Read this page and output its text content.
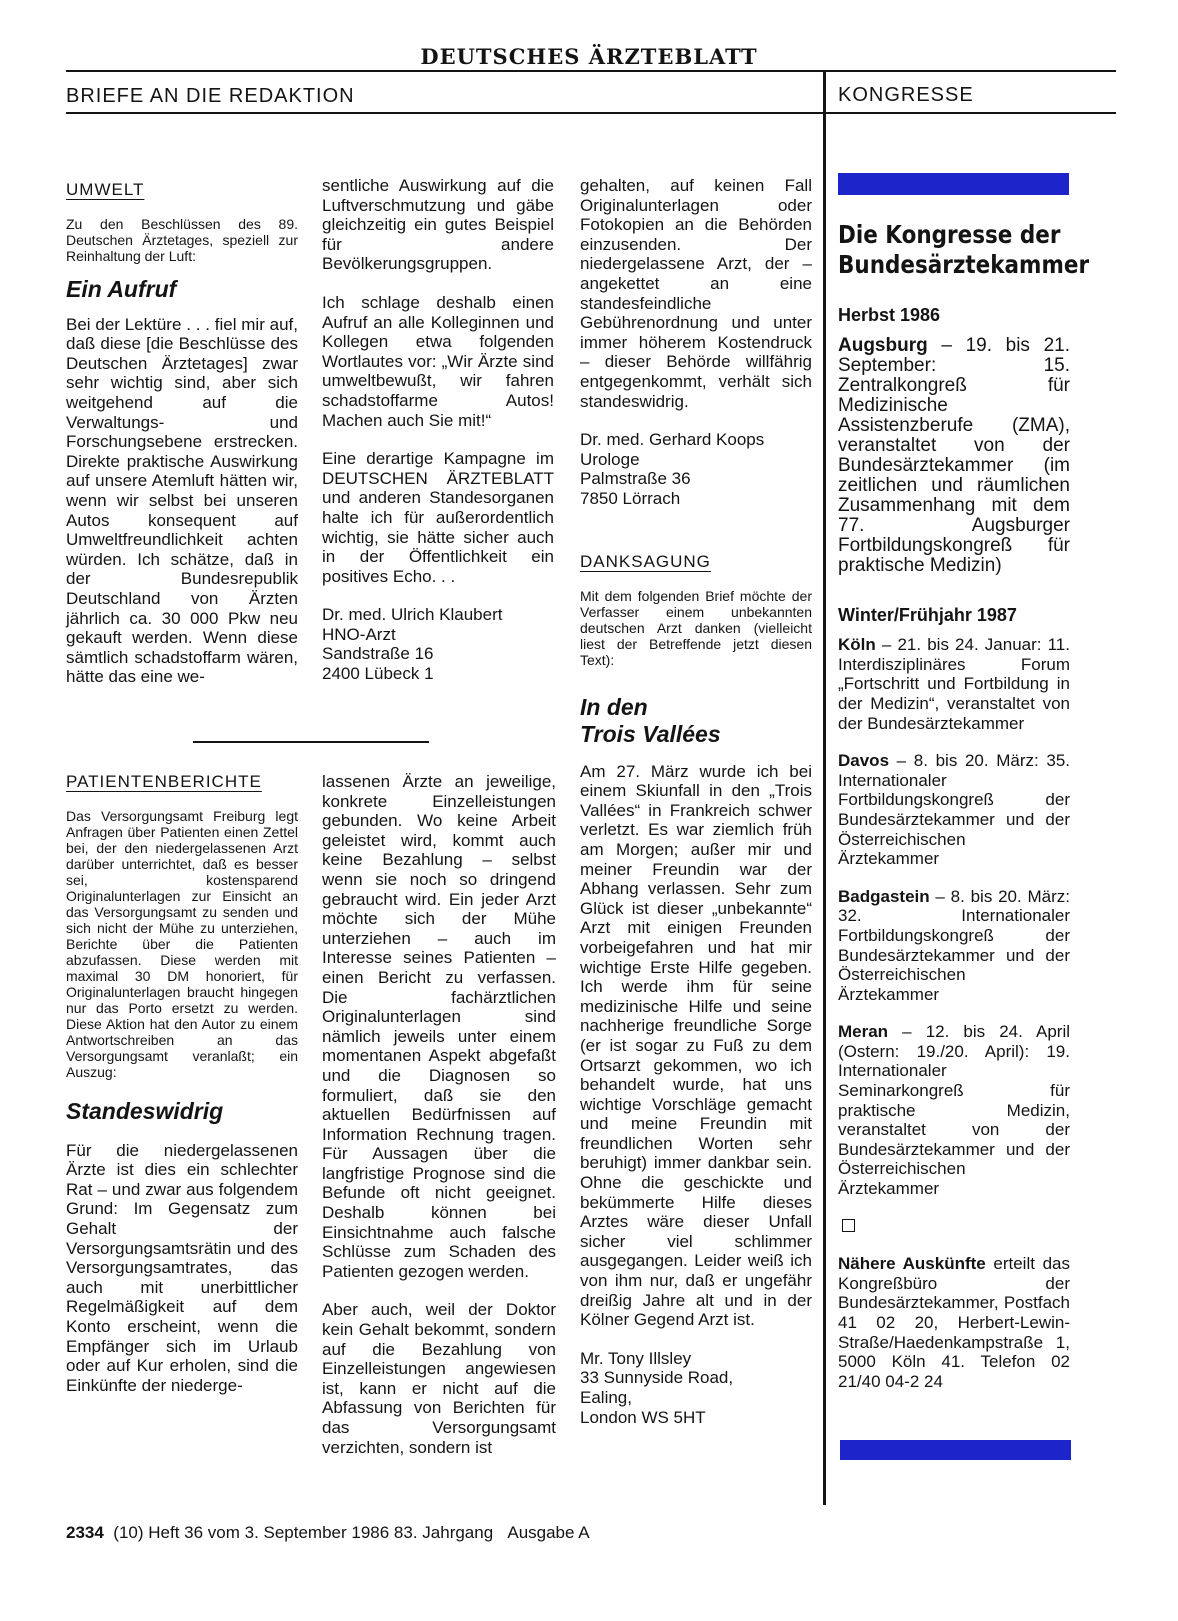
DEUTSCHES ÄRZTEBLATT
BRIEFE AN DIE REDAKTION	KONGRESSE
UMWELT
Zu den Beschlüssen des 89. Deutschen Ärztetages, speziell zur Reinhaltung der Luft:
Ein Aufruf

Bei der Lektüre . . . fiel mir auf, daß diese [die Beschlüsse des Deutschen Ärztetages] zwar sehr wichtig sind, aber sich weitgehend auf die Verwaltungs- und Forschungsebene erstrecken. Direkte praktische Auswirkung auf unsere Atemluft hätten wir, wenn wir selbst bei unseren Autos konsequent auf Umweltfreundlichkeit achten würden. Ich schätze, daß in der Bundesrepublik Deutschland von Ärzten jährlich ca. 30 000 Pkw neu gekauft werden. Wenn diese sämtlich schadstoffarm wären, hätte das eine we-

sentliche Auswirkung auf die Luftverschmutzung und gäbe gleichzeitig ein gutes Beispiel für andere Bevölkerungsgruppen.

Ich schlage deshalb einen Aufruf an alle Kolleginnen und Kollegen etwa folgenden Wortlautes vor: „Wir Ärzte sind umweltbewußt, wir fahren schadstoffarme Autos! Machen auch Sie mit!“

Eine derartige Kampagne im DEUTSCHEN ÄRZTEBLATT und anderen Standesorganen halte ich für außerordentlich wichtig, sie hätte sicher auch in der Öffentlichkeit ein positives Echo. . .

Dr. med. Ulrich Klaubert

HNO-Arzt

Sandstraße 16

2400 Lübeck 1

PATIENTENBERICHTE
Das Versorgungsamt Freiburg legt Anfragen über Patienten einen Zettel bei, der den niedergelassenen Arzt darüber unterrichtet, daß es besser sei, kostensparend Originalunterlagen zur Einsicht an das Versorgungsamt zu senden und sich nicht der Mühe zu unterziehen, Berichte über die Patienten abzufassen. Diese werden mit maximal 30 DM honoriert, für Originalunterlagen braucht hingegen nur das Porto ersetzt zu werden. Diese Aktion hat den Autor zu einem Antwortschreiben an das Versorgungsamt veranlaßt; ein Auszug:
Standeswidrig

Für die niedergelassenen Ärzte ist dies ein schlechter Rat – und zwar aus folgendem Grund: Im Gegensatz zum Gehalt der Versorgungsamtsrätin und des Versorgungsamtrates, das auch mit unerbittlicher Regelmäßigkeit auf dem Konto erscheint, wenn die Empfänger sich im Urlaub oder auf Kur erholen, sind die Einkünfte der niederge-

lassenen Ärzte an jeweilige, konkrete Einzelleistungen gebunden. Wo keine Arbeit geleistet wird, kommt auch keine Bezahlung – selbst wenn sie noch so dringend gebraucht wird. Ein jeder Arzt möchte sich der Mühe unterziehen – auch im Interesse seines Patienten – einen Bericht zu verfassen. Die fachärztlichen Originalunterlagen sind nämlich jeweils unter einem momentanen Aspekt abgefaßt und die Diagnosen so formuliert, daß sie den aktuellen Bedürfnissen auf Information Rechnung tragen. Für Aussagen über die langfristige Prognose sind die Befunde oft nicht geeignet. Deshalb können bei Einsichtnahme auch falsche Schlüsse zum Schaden des Patienten gezogen werden.

Aber auch, weil der Doktor kein Gehalt bekommt, sondern auf die Bezahlung von Einzelleistungen angewiesen ist, kann er nicht auf die Abfassung von Berichten für das Versorgungsamt verzichten, sondern ist

gehalten, auf keinen Fall Originalunterlagen oder Fotokopien an die Behörden einzusenden. Der niedergelassene Arzt, der – angekettet an eine standesfeindliche Gebührenordnung und unter immer höherem Kostendruck – dieser Behörde willfährig entgegenkommt, verhält sich standeswidrig.

Dr. med. Gerhard Koops

Urologe

Palmstraße 36

7850 Lörrach

DANKSAGUNG
Mit dem folgenden Brief möchte der Verfasser einem unbekannten deutschen Arzt danken (vielleicht liest der Betreffende jetzt diesen Text):
In den
Trois Vallées

Am 27. März wurde ich bei einem Skiunfall in den „Trois Vallées“ in Frankreich schwer verletzt. Es war ziemlich früh am Morgen; außer mir und meiner Freundin war der Abhang verlassen. Sehr zum Glück ist dieser „unbekannte“ Arzt mit einigen Freunden vorbeigefahren und hat mir wichtige Erste Hilfe gegeben. Ich werde ihm für seine medizinische Hilfe und seine nachherige freundliche Sorge (er ist sogar zu Fuß zu dem Ortsarzt gekommen, wo ich behandelt wurde, hat uns wichtige Vorschläge gemacht und meine Freundin mit freundlichen Worten sehr beruhigt) immer dankbar sein. Ohne die geschickte und bekümmerte Hilfe dieses Arztes wäre dieser Unfall sicher viel schlimmer ausgegangen. Leider weiß ich von ihm nur, daß er ungefähr dreißig Jahre alt und in der Kölner Gegend Arzt ist.

Mr. Tony Illsley

33 Sunnyside Road,

Ealing,

London WS 5HT

Die Kongresse der
Bundesärztekammer
Herbst 1986

Augsburg – 19. bis 21. September: 15. Zentralkongreß für Medizinische Assistenzberufe (ZMA), veranstaltet von der Bundesärztekammer (im zeitlichen und räumlichen Zusammenhang mit dem 77. Augsburger Fortbildungskongreß für praktische Medizin)

Winter/Frühjahr 1987

Köln – 21. bis 24. Januar: 11. Interdisziplinäres Forum „Fortschritt und Fortbildung in der Medizin“, veranstaltet von der Bundesärztekammer

Davos – 8. bis 20. März: 35. Internationaler Fortbildungskongreß der Bundesärztekammer und der Österreichischen Ärztekammer

Badgastein – 8. bis 20. März: 32. Internationaler Fortbildungskongreß der Bundesärztekammer und der Österreichischen Ärztekammer

Meran – 12. bis 24. April (Ostern: 19./20. April): 19. Internationaler Seminarkongreß für praktische Medizin, veranstaltet von der Bundesärztekammer und der Österreichischen Ärztekammer

Nähere Auskünfte erteilt das Kongreßbüro der Bundesärztekammer, Postfach 41 02 20, Herbert-Lewin-Straße/Haedenkampstraße 1, 5000 Köln 41. Telefon 02 21/40 04-2 24

2334 (10) Heft 36 vom 3. September 1986 83. Jahrgang Ausgabe A
